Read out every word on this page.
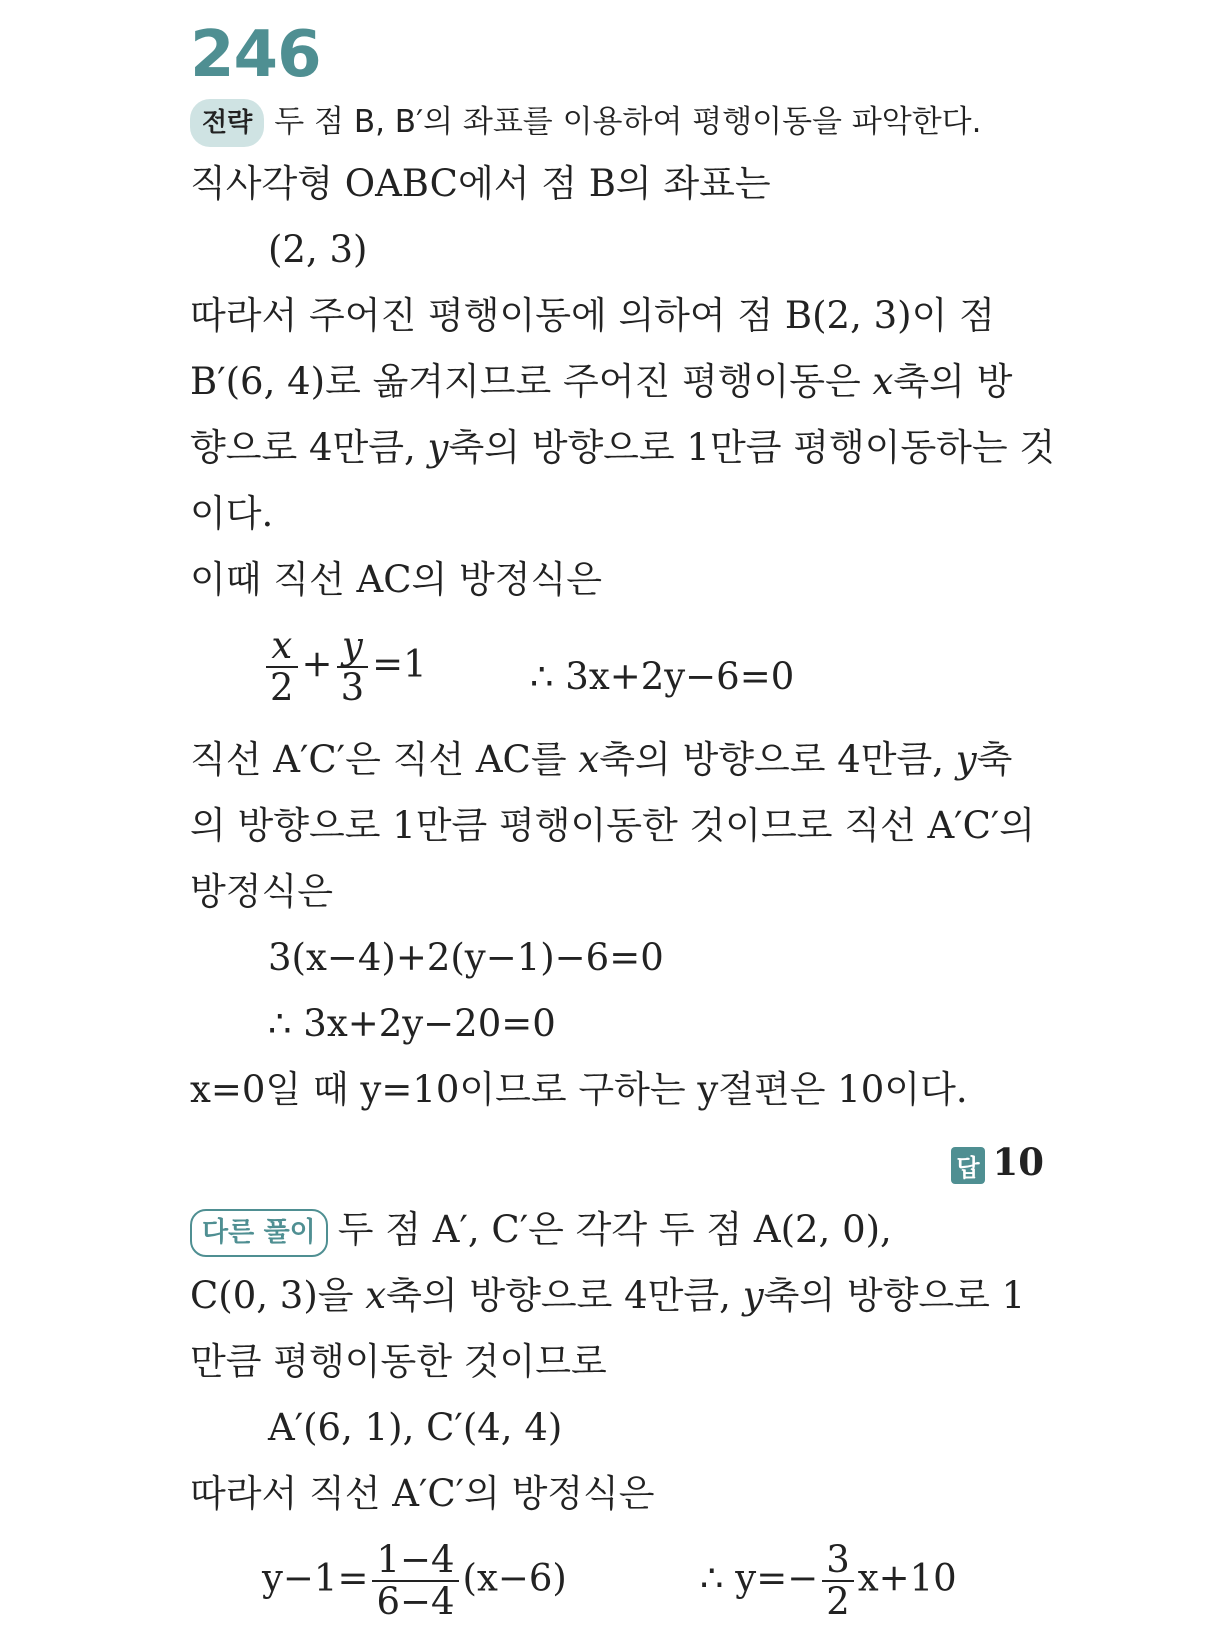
246
전략 두 점 B, B′의 좌표를 이용하여 평행이동을 파악한다.
직사각형 OABC에서 점 B의 좌표는
(2, 3)
따라서 주어진 평행이동에 의하여 점 B(2, 3)이 점
B′(6, 4)로 옮겨지므로 주어진 평행이동은 x축의 방
향으로 4만큼, y축의 방향으로 1만큼 평행이동하는 것
이다.
이때 직선 AC의 방정식은
$\frac{x}{2} + \frac{y}{3} =1$	∴ 3x+2y−6=0
직선 A′C′은 직선 AC를 x축의 방향으로 4만큼, y축
의 방향으로 1만큼 평행이동한 것이므로 직선 A′C′의
방정식은
3(x−4)+2(y−1)−6=0
∴ 3x+2y−20=0
x=0일 때 y=10이므로 구하는 y절편은 10이다.
답 10
다른 풀이 두 점 A′, C′은 각각 두 점 A(2, 0),
C(0, 3)을 x축의 방향으로 4만큼, y축의 방향으로 1
만큼 평행이동한 것이므로
A′(6, 1), C′(4, 4)
따라서 직선 A′C′의 방정식은
$y-1= \frac{1-4}{6-4} (x-6)$	∴ $y=- \frac{3}{2} x+10$
